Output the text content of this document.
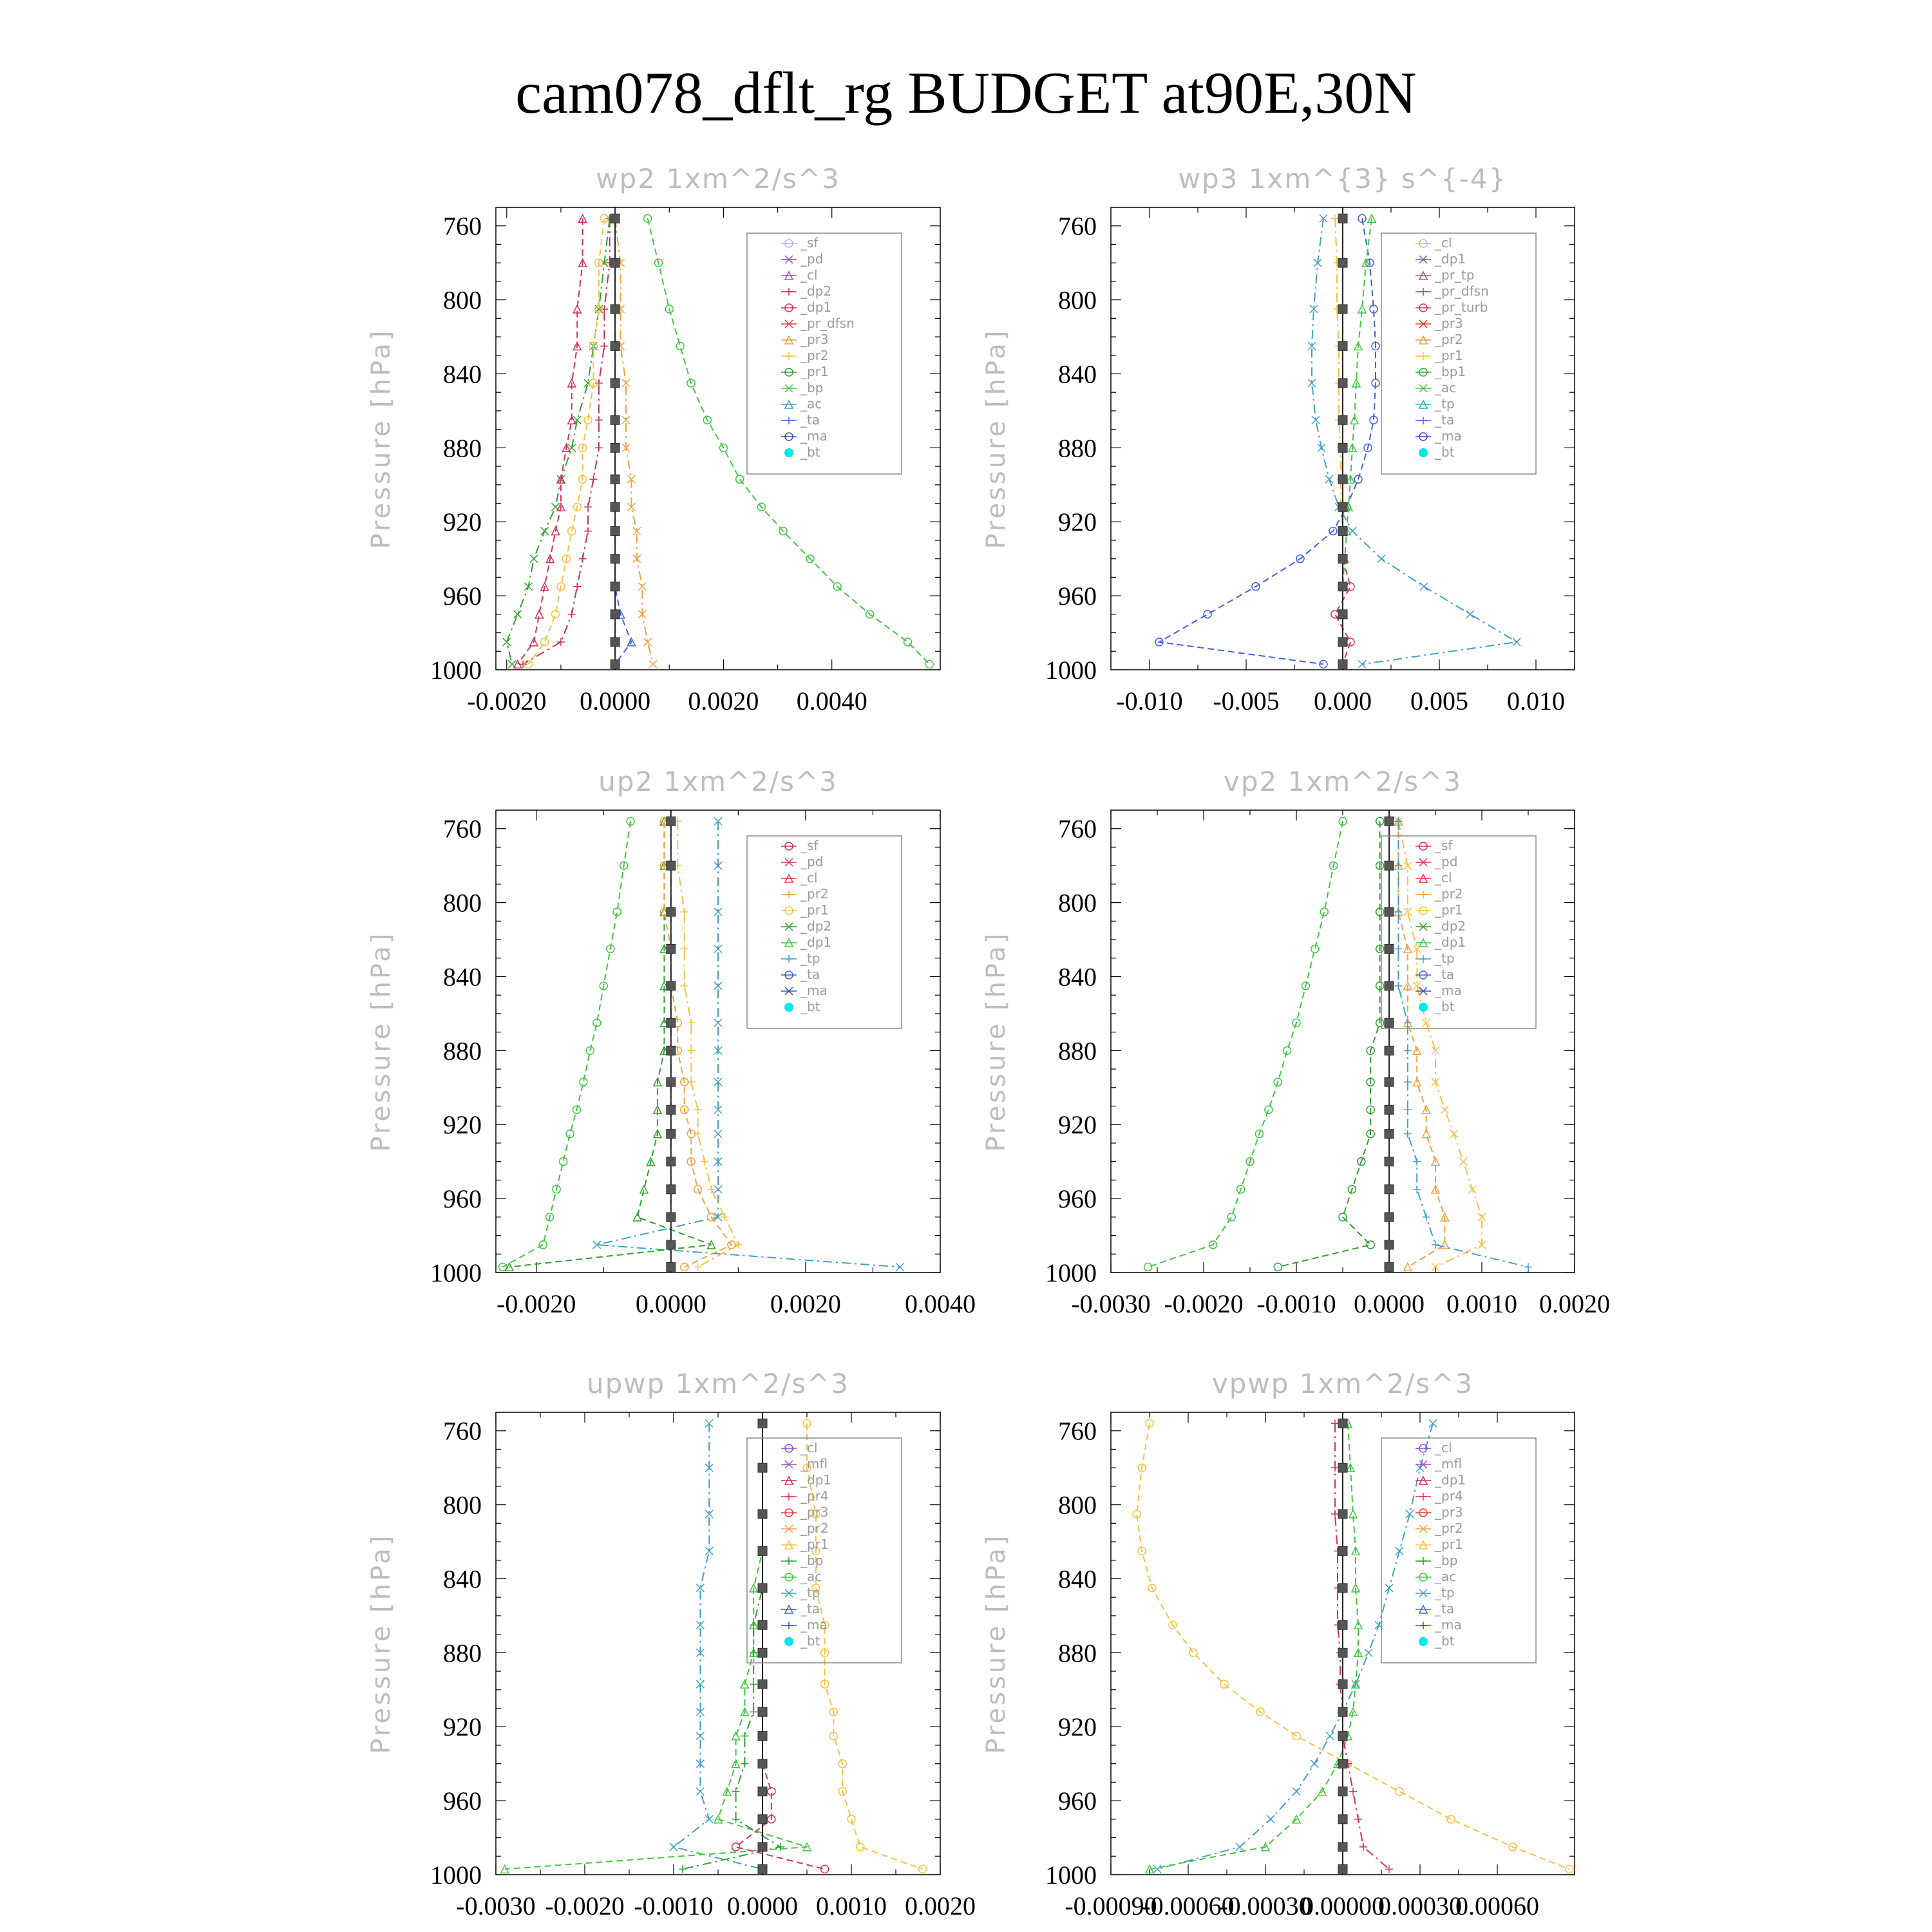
cam078_dflt_rg BUDGET at90E,30N
wp2 1xm^2/s^3
Pressure [hPa]
760
800
840
880
920
960
1000
-0.0020 0.0000 0.0020 0.0040
_sf
_pd
_cl
_dp2
_dp1
_pr_dfsn
_pr3
_pr2
_pr1
_bp
_ac
_ta
_ma
_bt
wp3 1xm^{3} s^{-4}
Pressure [hPa]
760
800
840
880
920
960
1000
-0.010 -0.005 0.000 0.005 0.010
_cl
_dp1
_pr_tp
_pr_dfsn
_pr_turb
_pr3
_pr2
_pr1
_bp1
_ac
_tp
_ta
_ma
_bt
up2 1xm^2/s^3
Pressure [hPa]
760
800
840
880
920
960
1000
-0.0020 0.0000 0.0020 0.0040
_sf
_pd
_cl
_pr2
_pr1
_dp2
_dp1
_tp
_ta
_ma
_bt
vp2 1xm^2/s^3
Pressure [hPa]
760
800
840
880
920
960
1000
-0.0030 -0.0020 -0.0010 0.0000 0.0010 0.0020
_sf
_pd
_cl
_pr2
_pr1
_dp2
_dp1
_tp
_ta
_ma
_bt
upwp 1xm^2/s^3
Pressure [hPa]
760
800
840
880
920
960
1000
-0.0030 -0.0020 -0.0010 0.0000 0.0010 0.0020
_cl
_mfl
_dp1
_pr4
_pr3
_pr2
_pr1
_bp
_ac
_tp
_ta
_ma
_bt
vpwp 1xm^2/s^3
Pressure [hPa]
760
800
840
880
920
960
1000
-0.00090
-0.00060
-0.00030
0.00000
0.00030
0.00060
_cl
_mfl
_dp1
_pr4
_pr3
_pr2
_pr1
_bp
_ac
_tp
_ta
_ma
_bt
